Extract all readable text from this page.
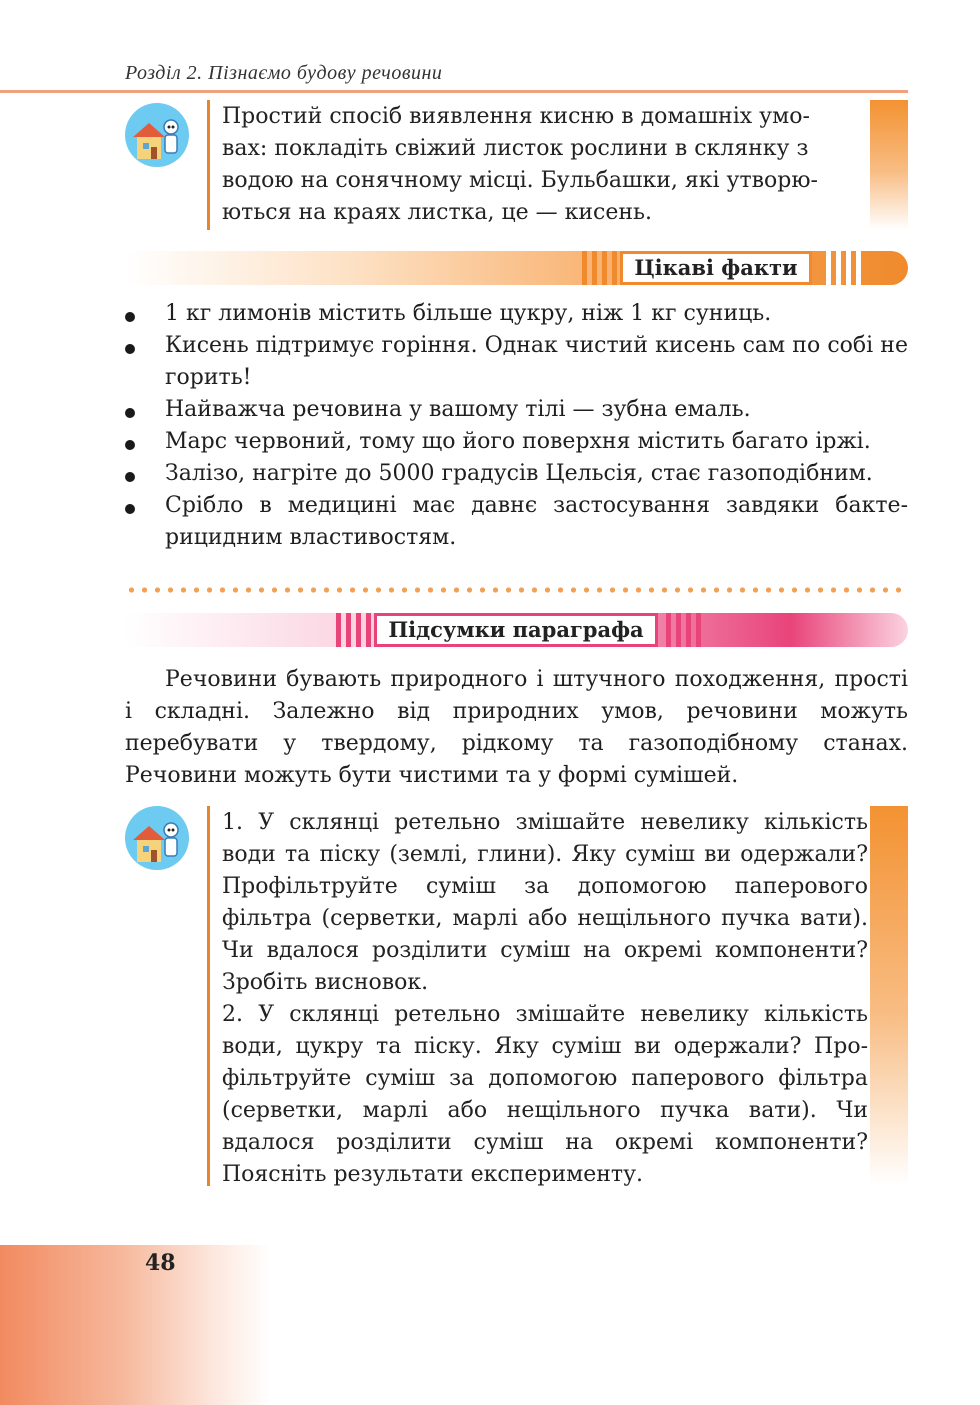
Розділ 2. Пізнаємо будову речовини

Простий спосіб виявлення кисню в домашніх умо-

вах: покладіть свіжий листок рослини в склянку з

водою на сонячному місці. Бульбашки, які утворю-

ються на краях листка, це — кисень.

Цікаві факти
1 кг лимонів містить більше цукру, ніж 1 кг суниць.
Кисень підтримує горіння. Однак чистий кисень сам по собі не горить!
Найважча речовина у вашому тілі — зубна емаль.
Марс червоний, тому що його поверхня містить багато іржі.
Залізо, нагріте до 5000 градусів Цельсія, стає газоподібним.
Срібло в медицині має давнє застосування завдяки бактерицидним властивостям.
Підсумки параграфа

Речовини бувають природного і штучного походження, прості і складні. Залежно від природних умов, речовини можуть перебувати у твердому, рідкому та газоподібному станах. Речовини можуть бути чистими та у формі сумішей.

1. У склянці ретельно змішайте невелику кількість води та піску (землі, глини). Яку суміш ви одержали? Профільтруйте суміш за допомогою паперового фільтра (серветки, марлі або нещільного пучка вати). Чи вдалося розділити суміш на окремі компоненти? Зробіть висновок.

2. У склянці ретельно змішайте невелику кількість води, цукру та піску. Яку суміш ви одержали? Профільтруйте суміш за допомогою паперового фільтра (серветки, марлі або нещільного пучка вати). Чи вдалося розділити суміш на окремі компоненти? Поясніть результати експерименту.

48
